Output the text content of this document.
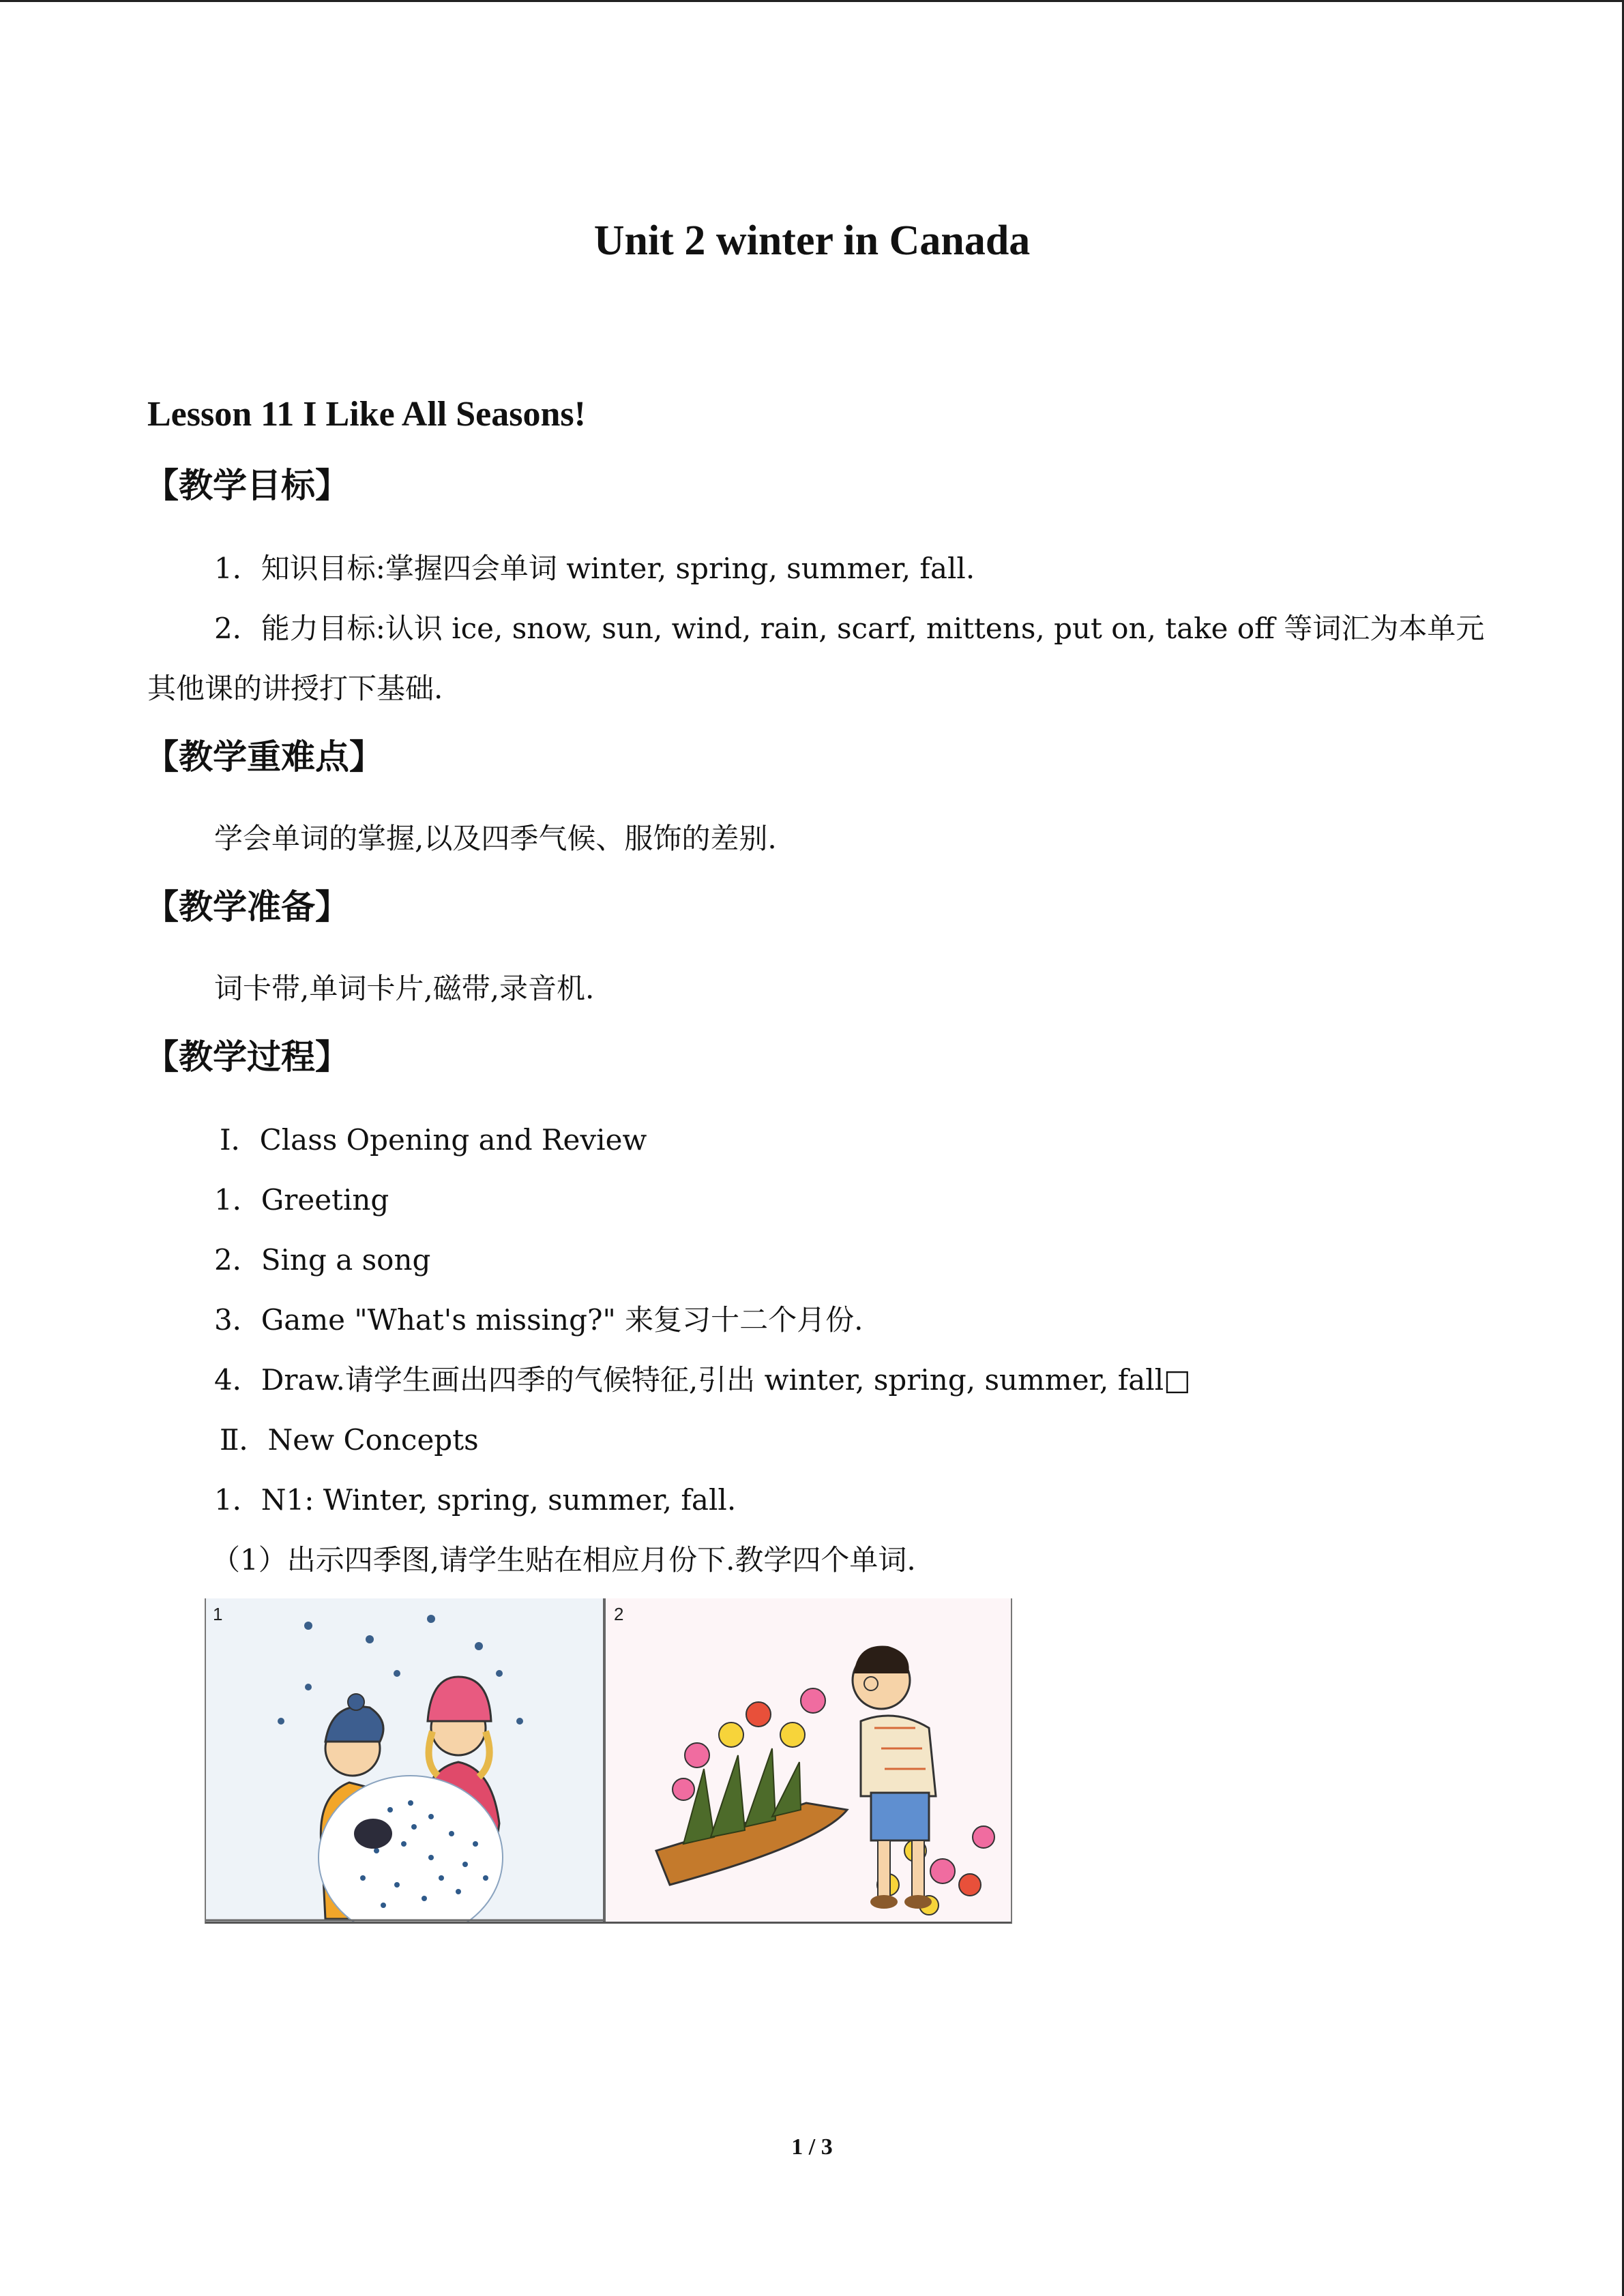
Unit 2 winter in Canada
Lesson 11 I Like All Seasons!
【教学目标】
1．知识目标:掌握四会单词 winter, spring, summer, fall.
2．能力目标:认识 ice, snow, sun, wind, rain, scarf, mittens, put on, take off 等词汇为本单元
其他课的讲授打下基础.
【教学重难点】
学会单词的掌握,以及四季气候、服饰的差别.
【教学准备】
词卡带,单词卡片,磁带,录音机.
【教学过程】
Ⅰ．Class Opening and Review
1．Greeting
2．Sing a song
3．Game "What's missing?" 来复习十二个月份.
4．Draw.请学生画出四季的气候特征,引出 winter, spring, summer, fall□
Ⅱ．New Concepts
1．N1: Winter, spring, summer, fall.
（1）出示四季图,请学生贴在相应月份下.教学四个单词.
1	2
1 / 3
